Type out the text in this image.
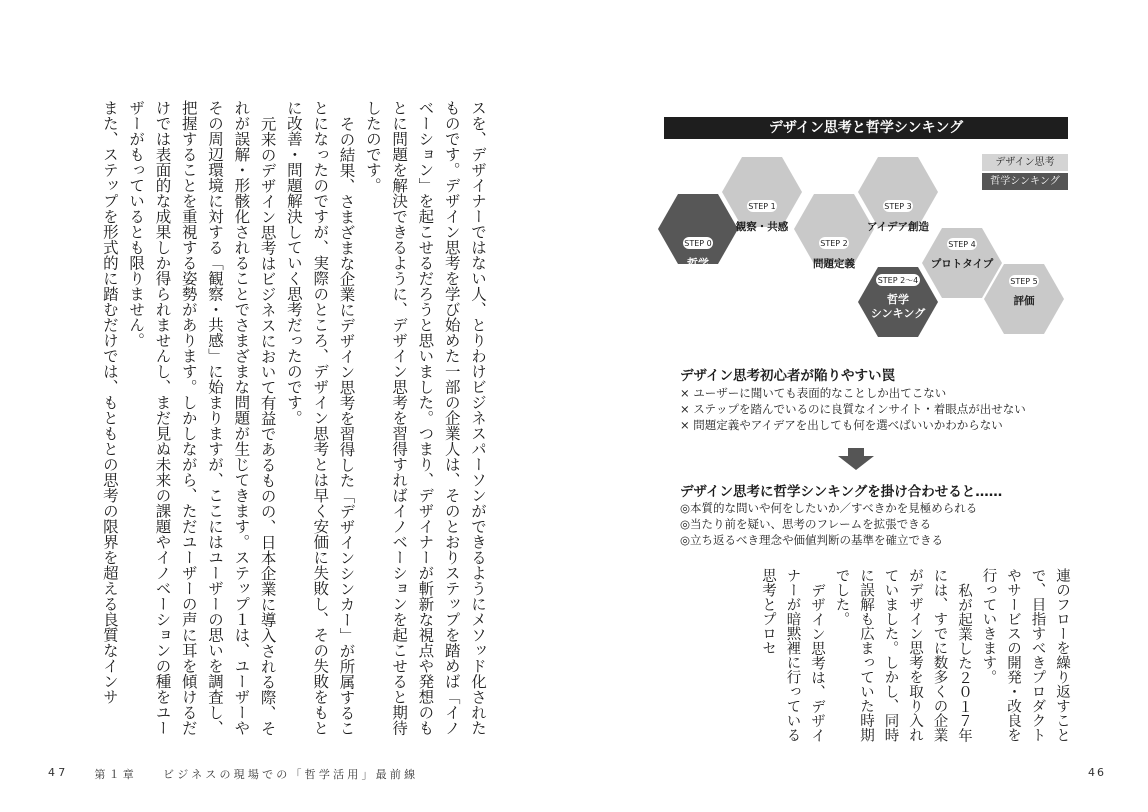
スを、デザイナーではない人、とりわけビジネスパーソンができるようにメソッド化されたものです。デザイン思考を学び始めた一部の企業人は、そのとおりステップを踏めば「イノベーション」を起こせるだろうと思いました。つまり、デザイナーが斬新な視点や発想のもとに問題を解決できるように、デザイン思考を習得すればイノベーションを起こせると期待したのです。

その結果、さまざまな企業にデザイン思考を習得した「デザインシンカー」が所属することになったのですが、実際のところ、デザイン思考とは早く安価に失敗し、その失敗をもとに改善・問題解決していく思考だったのです。

元来のデザイン思考はビジネスにおいて有益であるものの、日本企業に導入される際、それが誤解・形骸化されることでさまざまな問題が生じてきます。ステップ１は、ユーザーやその周辺環境に対する「観察・共感」に始まりますが、ここにはユーザーの思いを調査し、把握することを重視する姿勢があります。しかしながら、ただユーザーの声に耳を傾けるだけでは表面的な成果しか得られませんし、まだ見ぬ未来の課題やイノベーションの種をユーザーがもっているとも限りません。

また、ステップを形式的に踏むだけでは、もともとの思考の限界を超える良質なインサ

47 第１章 ビジネスの現場での「哲学活用」最前線
デザイン思考と哲学シンキング
デザイン思考
哲学シンキング
STEP 0
哲学
シンキング
STEP 1
観察・共感
STEP 2
問題定義
STEP 3
アイデア創造
STEP 2～4
哲学
シンキング
STEP 4
プロトタイプ
STEP 5
評価
デザイン思考初心者が陥りやすい罠
× ユーザーに聞いても表面的なことしか出てこない
× ステップを踏んでいるのに良質なインサイト・着眼点が出せない
× 問題定義やアイデアを出しても何を選べばいいかわからない
デザイン思考に哲学シンキングを掛け合わせると……
◎本質的な問いや何をしたいか／すべきかを見極められる
◎当たり前を疑い、思考のフレームを拡張できる
◎立ち返るべき理念や価値判断の基準を確立できる

連のフローを繰り返すことで、目指すべきプロダクトやサービスの開発・改良を行っていきます。

私が起業した２０１７年には、すでに数多くの企業がデザイン思考を取り入れていました。しかし、同時に誤解も広まっていた時期でした。

デザイン思考は、デザイナーが暗黙裡に行っている思考とプロセ

46
